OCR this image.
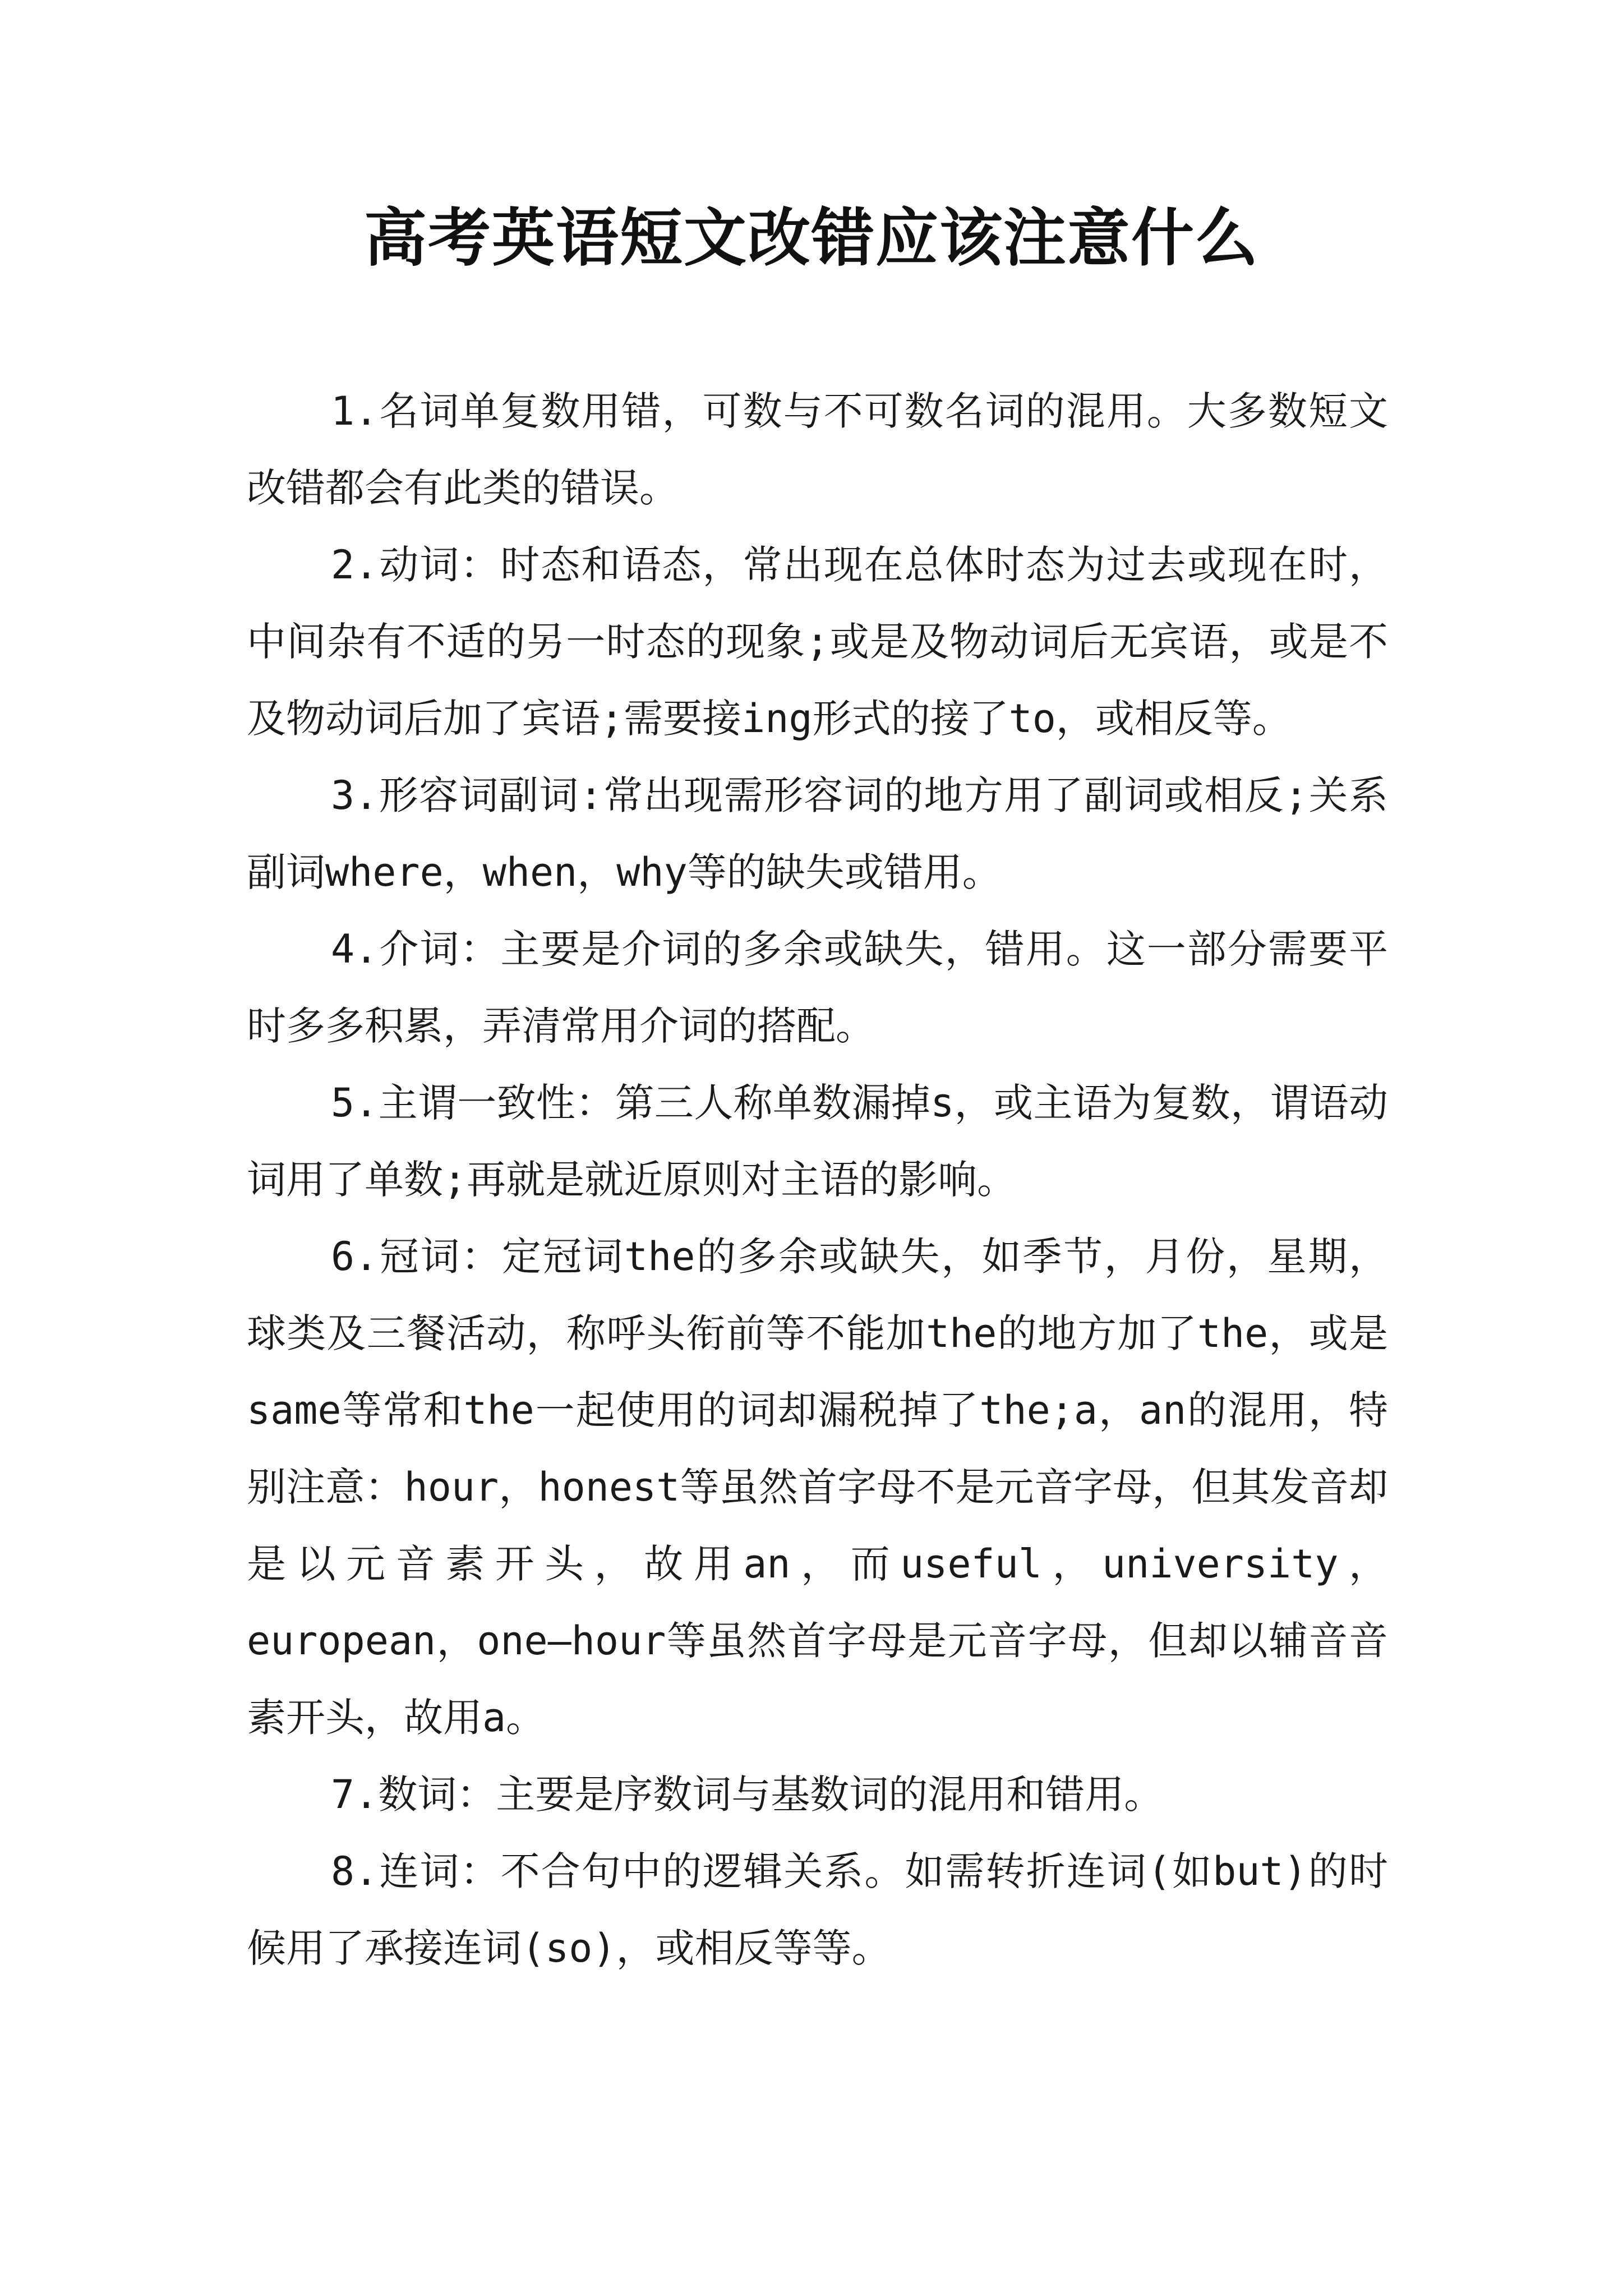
高考英语短文改错应该注意什么

1.名词单复数用错，可数与不可数名词的混用。大多数短文改错都会有此类的错误。

2.动词：时态和语态，常出现在总体时态为过去或现在时，中间杂有不适的另一时态的现象;或是及物动词后无宾语，或是不及物动词后加了宾语;需要接ing形式的接了to，或相反等。

3.形容词副词:常出现需形容词的地方用了副词或相反;关系副词where，when，why等的缺失或错用。

4.介词：主要是介词的多余或缺失，错用。这一部分需要平时多多积累，弄清常用介词的搭配。

5.主谓一致性：第三人称单数漏掉s，或主语为复数，谓语动词用了单数;再就是就近原则对主语的影响。

6.冠词：定冠词the的多余或缺失，如季节，月份，星期，球类及三餐活动，称呼头衔前等不能加the的地方加了the，或是same等常和the一起使用的词却漏税掉了the;a，an的混用，特别注意：hour，honest等虽然首字母不是元音字母，但其发音却是以元音素开头，故用an，而useful，university，european，one—hour等虽然首字母是元音字母，但却以辅音音素开头，故用a。

7.数词：主要是序数词与基数词的混用和错用。

8.连词：不合句中的逻辑关系。如需转折连词(如but)的时候用了承接连词(so)，或相反等等。
